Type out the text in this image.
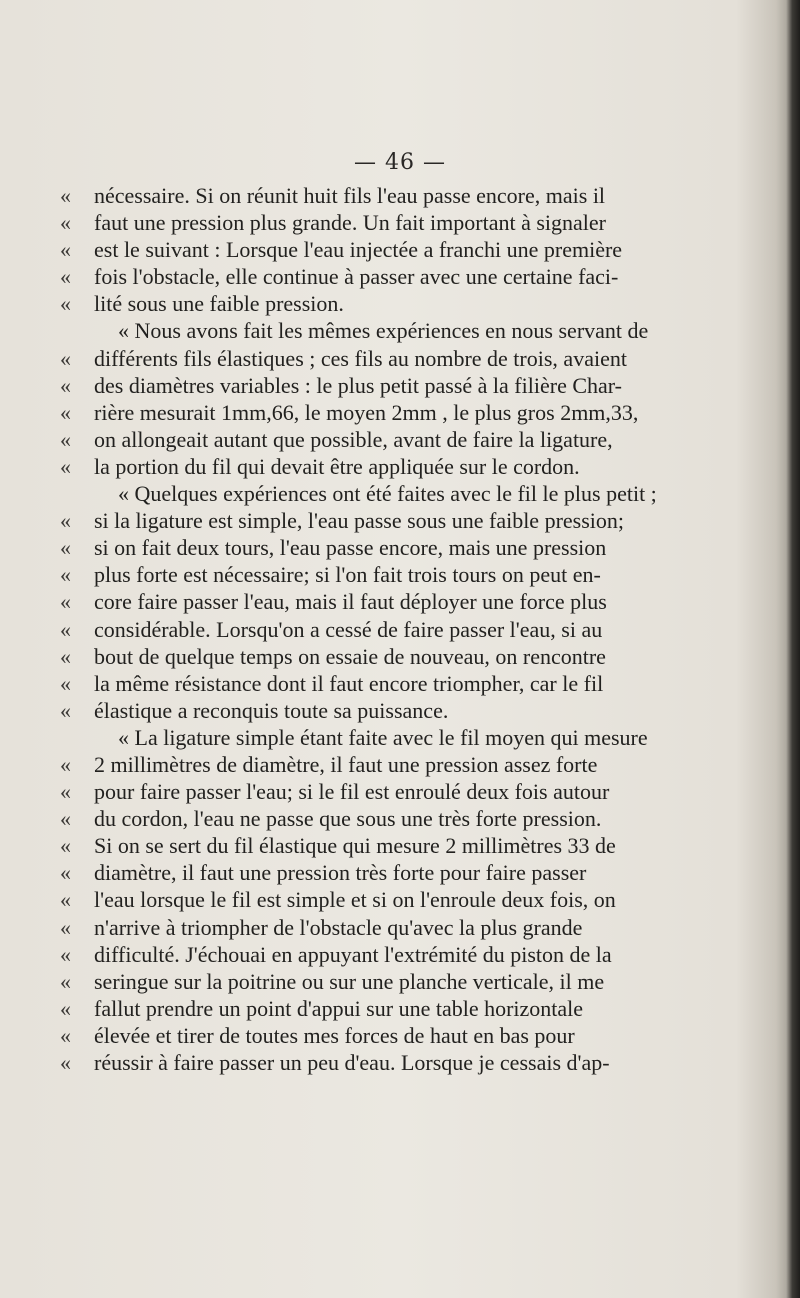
— 46 —
« nécessaire. Si on réunit huit fils l'eau passe encore, mais il
« faut une pression plus grande. Un fait important à signaler
« est le suivant : Lorsque l'eau injectée a franchi une première
« fois l'obstacle, elle continue à passer avec une certaine faci-
« lité sous une faible pression.
« Nous avons fait les mêmes expériences en nous servant de
« différents fils élastiques ; ces fils au nombre de trois, avaient
« des diamètres variables : le plus petit passé à la filière Char-
« rière mesurait 1mm,66, le moyen 2mm , le plus gros 2mm,33,
« on allongeait autant que possible, avant de faire la ligature,
« la portion du fil qui devait être appliquée sur le cordon.
« Quelques expériences ont été faites avec le fil le plus petit ;
« si la ligature est simple, l'eau passe sous une faible pression;
« si on fait deux tours, l'eau passe encore, mais une pression
« plus forte est nécessaire; si l'on fait trois tours on peut en-
« core faire passer l'eau, mais il faut déployer une force plus
« considérable. Lorsqu'on a cessé de faire passer l'eau, si au
« bout de quelque temps on essaie de nouveau, on rencontre
« la même résistance dont il faut encore triompher, car le fil
« élastique a reconquis toute sa puissance.
« La ligature simple étant faite avec le fil moyen qui mesure
« 2 millimètres de diamètre, il faut une pression assez forte
« pour faire passer l'eau; si le fil est enroulé deux fois autour
« du cordon, l'eau ne passe que sous une très forte pression.
« Si on se sert du fil élastique qui mesure 2 millimètres 33 de
« diamètre, il faut une pression très forte pour faire passer
« l'eau lorsque le fil est simple et si on l'enroule deux fois, on
« n'arrive à triompher de l'obstacle qu'avec la plus grande
« difficulté. J'échouai en appuyant l'extrémité du piston de la
« seringue sur la poitrine ou sur une planche verticale, il me
« fallut prendre un point d'appui sur une table horizontale
« élevée et tirer de toutes mes forces de haut en bas pour
« réussir à faire passer un peu d'eau. Lorsque je cessais d'ap-
